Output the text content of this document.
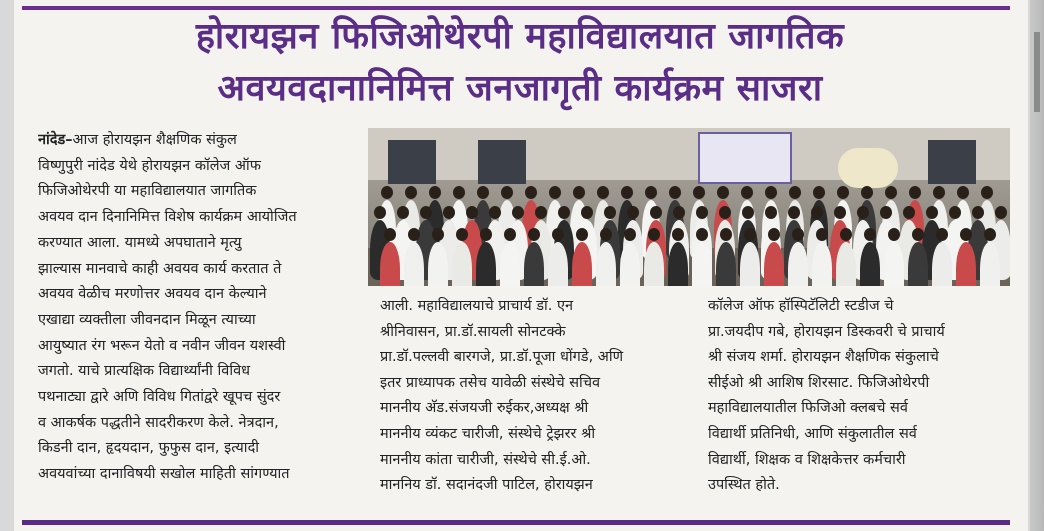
होरायझन फिजिओथेरपी महाविद्यालयात जागतिक
अवयवदानानिमित्त जनजागृती कार्यक्रम साजरा
नांदेड–आज होरायझन शैक्षणिक संकुल
विष्णुपुरी नांदेड येथे होरायझन कॉलेज ऑफ
फिजिओथेरपी या महाविद्यालयात जागतिक
अवयव दान दिनानिमित्त विशेष कार्यक्रम आयोजित
करण्यात आला. यामध्ये अपघाताने मृत्यु
झाल्यास मानवाचे काही अवयव कार्य करतात ते
अवयव वेळीच मरणोत्तर अवयव दान केल्याने
एखाद्या व्यक्तीला जीवनदान मिळून त्याच्या
आयुष्यात रंग भरून येतो व नवीन जीवन यशस्वी
जगतो. याचे प्रात्यक्षिक विद्यार्थ्यांनी विविध
पथनाट्या द्वारे अणि विविध गितांद्वरे खूपच सुंदर
व आकर्षक पद्धतीने सादरीकरण केले. नेत्रदान,
किडनी दान, हृदयदान, फुफुस दान, इत्यादी
अवयवांच्या दानाविषयी सखोल माहिती सांगण्यात
आली. महाविद्यालयाचे प्राचार्य डॉ. एन
श्रीनिवासन, प्रा.डॉ.सायली सोनटक्के
प्रा.डॉ.पल्लवी बारगजे, प्रा.डॉ.पूजा धोंगडे, अणि
इतर प्राध्यापक तसेच यावेळी संस्थेचे सचिव
माननीय अ‍ॅड.संजयजी रुईकर,अध्यक्ष श्री
माननीय व्यंकट चारीजी, संस्थेचे ट्रेझरर श्री
माननीय कांता चारीजी, संस्थेचे सी.ई.ओ.
माननिय डॉ. सदानंदजी पाटिल, होरायझन
कॉलेज ऑफ हॉस्पिटॅलिटी स्टडीज चे
प्रा.जयदीप गबे, होरायझन डिस्कवरी चे प्राचार्य
श्री संजय शर्मा. होरायझन शैक्षणिक संकुलाचे
सीईओ श्री आशिष शिरसाट. फिजिओथेरपी
महाविद्यालयातील फिजिओ क्लबचे सर्व
विद्यार्थी प्रतिनिधी, आणि संकुलातील सर्व
विद्यार्थी, शिक्षक व शिक्षकेत्तर कर्मचारी
उपस्थित होते.
